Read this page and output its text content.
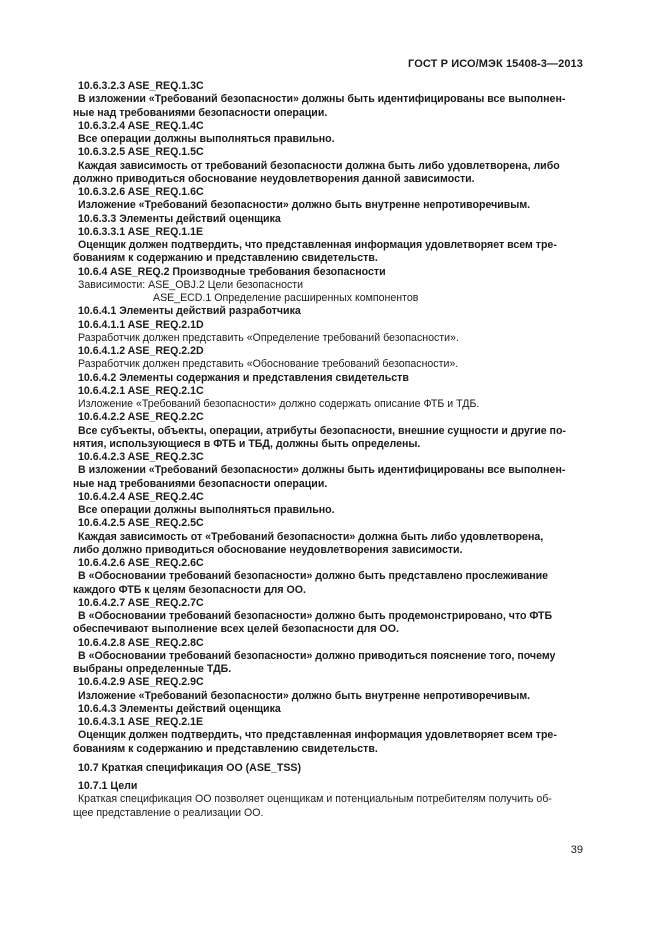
ГОСТ Р ИСО/МЭК 15408-3—2013
10.6.3.2.3 ASE_REQ.1.3C
В изложении «Требований безопасности» должны быть идентифицированы все выполнен-
ные над требованиями безопасности операции.
10.6.3.2.4 ASE_REQ.1.4C
Все операции должны выполняться правильно.
10.6.3.2.5 ASE_REQ.1.5C
Каждая зависимость от требований безопасности должна быть либо удовлетворена, либо
должно приводиться обоснование неудовлетворения данной зависимости.
10.6.3.2.6 ASE_REQ.1.6C
Изложение «Требований безопасности» должно быть внутренне непротиворечивым.
10.6.3.3 Элементы действий оценщика
10.6.3.3.1 ASE_REQ.1.1E
Оценщик должен подтвердить, что представленная информация удовлетворяет всем тре-
бованиям к содержанию и представлению свидетельств.
10.6.4 ASE_REQ.2 Производные требования безопасности
Зависимости: ASE_OBJ.2 Цели безопасности
ASE_ECD.1 Определение расширенных компонентов
10.6.4.1 Элементы действий разработчика
10.6.4.1.1 ASE_REQ.2.1D
Разработчик должен представить «Определение требований безопасности».
10.6.4.1.2 ASE_REQ.2.2D
Разработчик должен представить «Обоснование требований безопасности».
10.6.4.2 Элементы содержания и представления свидетельств
10.6.4.2.1 ASE_REQ.2.1C
Изложение «Требований безопасности» должно содержать описание ФТБ и ТДБ.
10.6.4.2.2 ASE_REQ.2.2C
Все субъекты, объекты, операции, атрибуты безопасности, внешние сущности и другие по-
нятия, использующиеся в ФТБ и ТБД, должны быть определены.
10.6.4.2.3 ASE_REQ.2.3C
В изложении «Требований безопасности» должны быть идентифицированы все выполнен-
ные над требованиями безопасности операции.
10.6.4.2.4 ASE_REQ.2.4C
Все операции должны выполняться правильно.
10.6.4.2.5 ASE_REQ.2.5C
Каждая зависимость от «Требований безопасности» должна быть либо удовлетворена,
либо должно приводиться обоснование неудовлетворения зависимости.
10.6.4.2.6 ASE_REQ.2.6C
В «Обосновании требований безопасности» должно быть представлено прослеживание
каждого ФТБ к целям безопасности для ОО.
10.6.4.2.7 ASE_REQ.2.7C
В «Обосновании требований безопасности» должно быть продемонстрировано, что ФТБ
обеспечивают выполнение всех целей безопасности для ОО.
10.6.4.2.8 ASE_REQ.2.8C
В «Обосновании требований безопасности» должно приводиться пояснение того, почему
выбраны определенные ТДБ.
10.6.4.2.9 ASE_REQ.2.9C
Изложение «Требований безопасности» должно быть внутренне непротиворечивым.
10.6.4.3 Элементы действий оценщика
10.6.4.3.1 ASE_REQ.2.1E
Оценщик должен подтвердить, что представленная информация удовлетворяет всем тре-
бованиям к содержанию и представлению свидетельств.
10.7 Краткая спецификация ОО (ASE_TSS)
10.7.1 Цели
Краткая спецификация ОО позволяет оценщикам и потенциальным потребителям получить об-
щее представление о реализации ОО.
39
